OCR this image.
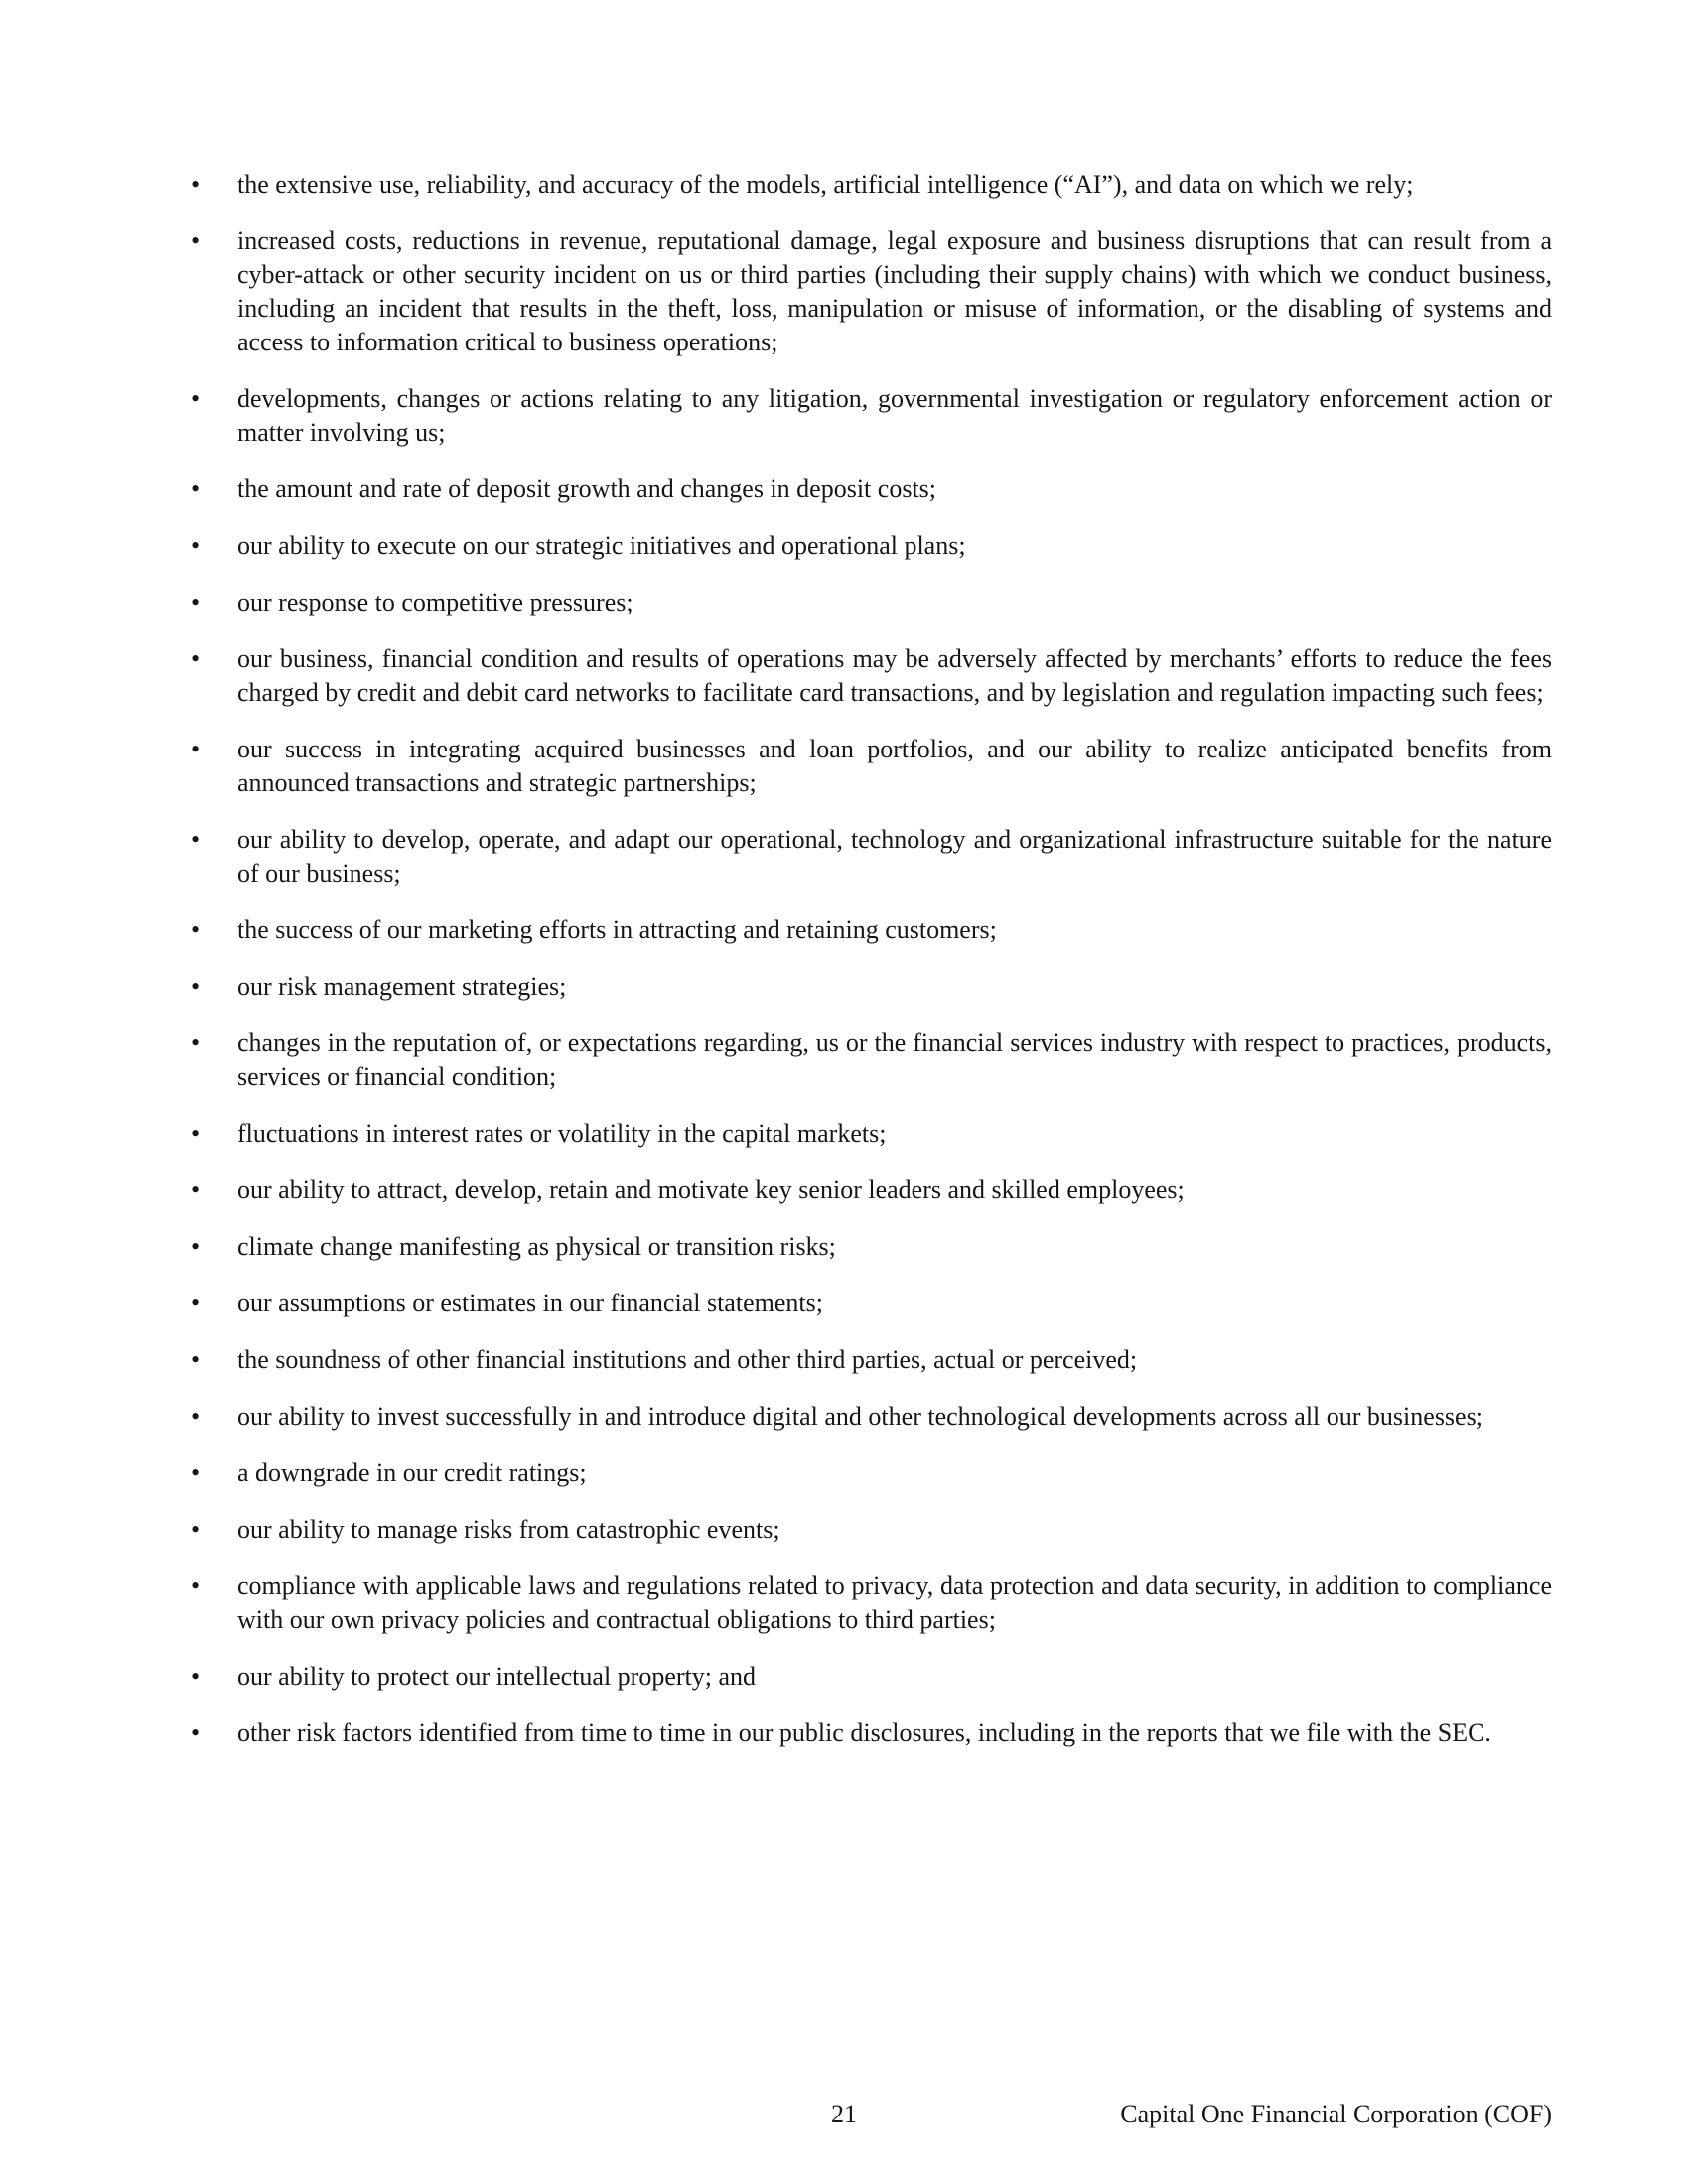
•	the extensive use, reliability, and accuracy of the models, artificial intelligence (“AI”), and data on which we rely;
•	increased costs, reductions in revenue, reputational damage, legal exposure and business disruptions that can result from a cyber-attack or other security incident on us or third parties (including their supply chains) with which we conduct business, including an incident that results in the theft, loss, manipulation or misuse of information, or the disabling of systems and access to information critical to business operations;
•	developments, changes or actions relating to any litigation, governmental investigation or regulatory enforcement action or matter involving us;
•	the amount and rate of deposit growth and changes in deposit costs;
•	our ability to execute on our strategic initiatives and operational plans;
•	our response to competitive pressures;
•	our business, financial condition and results of operations may be adversely affected by merchants’ efforts to reduce the fees charged by credit and debit card networks to facilitate card transactions, and by legislation and regulation impacting such fees;
•	our success in integrating acquired businesses and loan portfolios, and our ability to realize anticipated benefits from announced transactions and strategic partnerships;
•	our ability to develop, operate, and adapt our operational, technology and organizational infrastructure suitable for the nature of our business;
•	the success of our marketing efforts in attracting and retaining customers;
•	our risk management strategies;
•	changes in the reputation of, or expectations regarding, us or the financial services industry with respect to practices, products, services or financial condition;
•	fluctuations in interest rates or volatility in the capital markets;
•	our ability to attract, develop, retain and motivate key senior leaders and skilled employees;
•	climate change manifesting as physical or transition risks;
•	our assumptions or estimates in our financial statements;
•	the soundness of other financial institutions and other third parties, actual or perceived;
•	our ability to invest successfully in and introduce digital and other technological developments across all our businesses;
•	a downgrade in our credit ratings;
•	our ability to manage risks from catastrophic events;
•	compliance with applicable laws and regulations related to privacy, data protection and data security, in addition to compliance with our own privacy policies and contractual obligations to third parties;
•	our ability to protect our intellectual property; and
•	other risk factors identified from time to time in our public disclosures, including in the reports that we file with the SEC.
21	Capital One Financial Corporation (COF)
